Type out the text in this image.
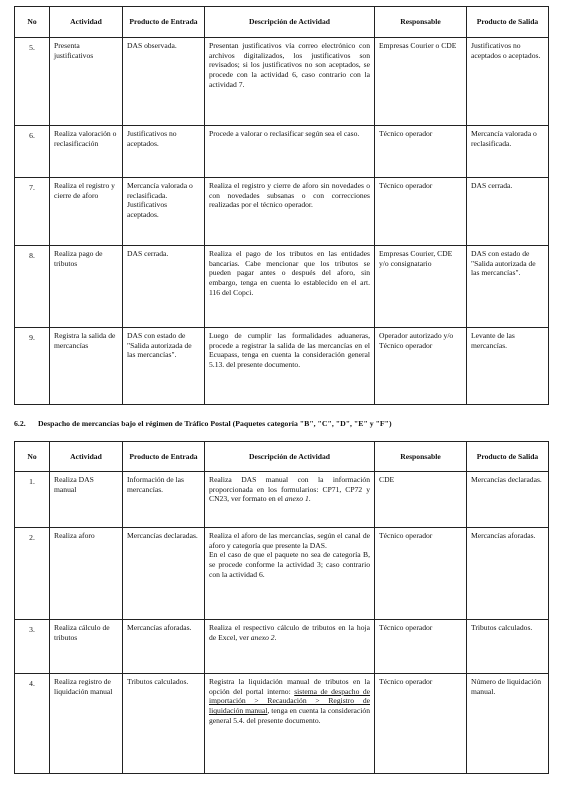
No	Actividad	Producto de Entrada	Descripción de Actividad	Responsable	Producto de Salida
5.	Presenta justificativos	DAS observada.	Presentan justificativos vía correo electrónico con archivos digitalizados, los justificativos son revisados; si los justificativos no son aceptados, se procede con la actividad 6, caso contrario con la actividad 7.	Empresas Courier o CDE	Justificativos no aceptados o aceptados.
6.	Realiza valoración o reclasificación	Justificativos no aceptados.	Procede a valorar o reclasificar según sea el caso.	Técnico operador	Mercancía valorada o reclasificada.
7.	Realiza el registro y cierre de aforo	Mercancía valorada o reclasificada. Justificativos aceptados.	Realiza el registro y cierre de aforo sin novedades o con novedades subsanas o con correcciones realizadas por el técnico operador.	Técnico operador	DAS cerrada.
8.	Realiza pago de tributos	DAS cerrada.	Realiza el pago de los tributos en las entidades bancarias. Cabe mencionar que los tributos se pueden pagar antes o después del aforo, sin embargo, tenga en cuenta lo establecido en el art. 116 del Copci.	Empresas Courier, CDE y/o consignatario	DAS con estado de "Salida autorizada de las mercancías".
9.	Registra la salida de mercancías	DAS con estado de "Salida autorizada de las mercancías".	Luego de cumplir las formalidades aduaneras, procede a registrar la salida de las mercancías en el Ecuapass, tenga en cuenta la consideración general 5.13. del presente documento.	Operador autorizado y/o Técnico operador	Levante de las mercancías.
6.2. Despacho de mercancías bajo el régimen de Tráfico Postal (Paquetes categoría "B", "C", "D", "E" y "F")
No	Actividad	Producto de Entrada	Descripción de Actividad	Responsable	Producto de Salida
1.	Realiza DAS manual	Información de las mercancías.	Realiza DAS manual con la información proporcionada en los formularios: CP71, CP72 y CN23, ver formato en el anexo 1.	CDE	Mercancías declaradas.
2.	Realiza aforo	Mercancías declaradas.	Realiza el aforo de las mercancías, según el canal de aforo y categoría que presente la DAS.
En el caso de que el paquete no sea de categoría B, se procede conforme la actividad 3; caso contrario con la actividad 6.	Técnico operador	Mercancías aforadas.
3.	Realiza cálculo de tributos	Mercancías aforadas.	Realiza el respectivo cálculo de tributos en la hoja de Excel, ver anexo 2.	Técnico operador	Tributos calculados.
4.	Realiza registro de liquidación manual	Tributos calculados.	Registra la liquidación manual de tributos en la opción del portal interno: sistema de despacho de importación > Recaudación > Registro de liquidación manual, tenga en cuenta la consideración general 5.4. del presente documento.	Técnico operador	Número de liquidación manual.
